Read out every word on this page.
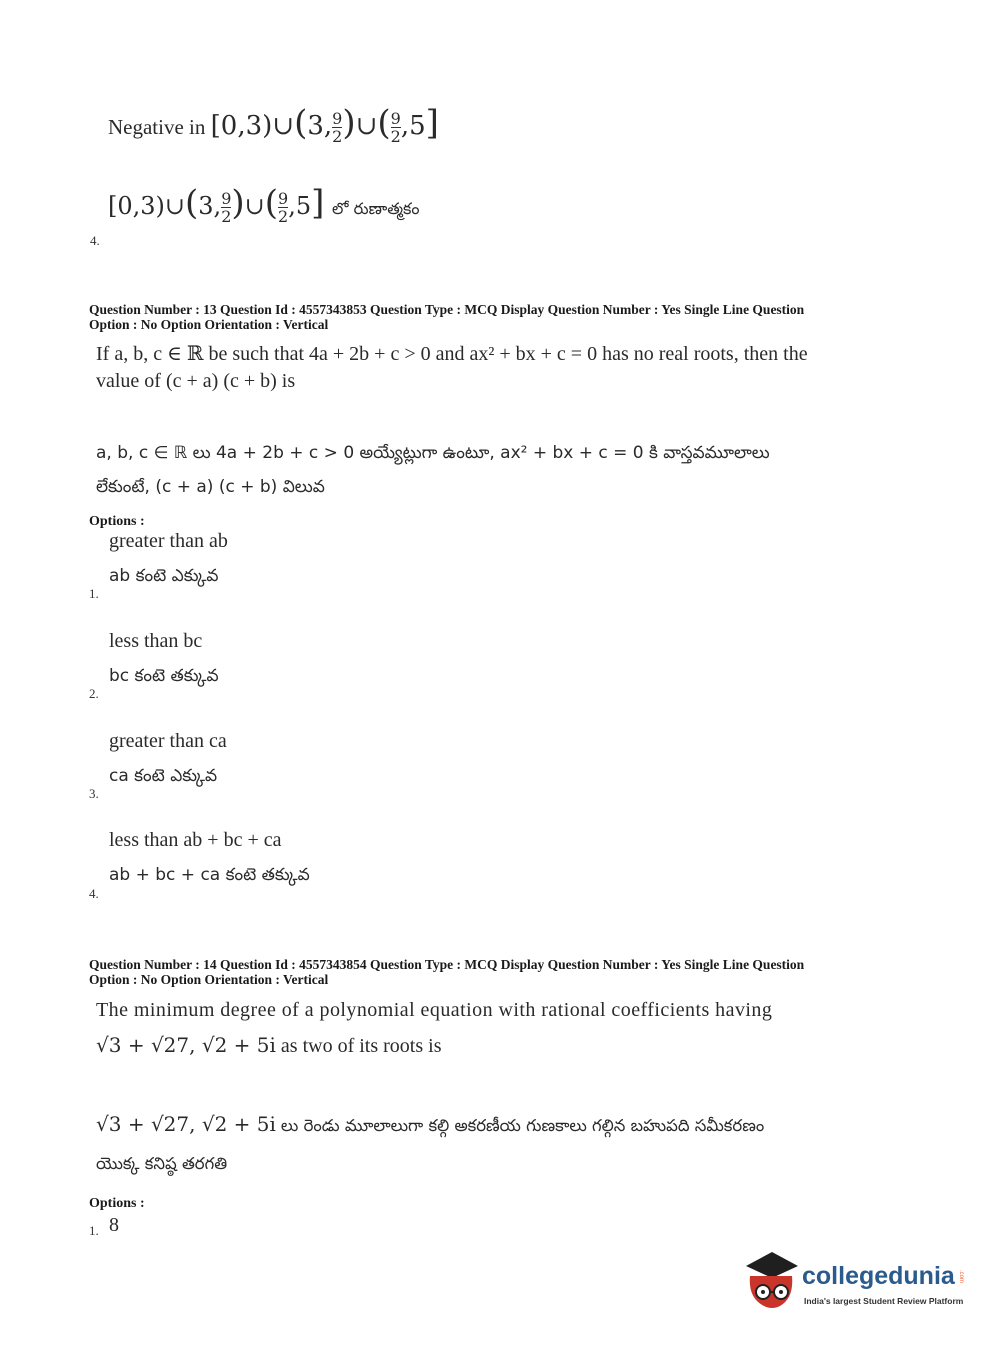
Negative in [0,3)∪(3, $\frac{9}{2}$ )∪( $\frac{9}{2} ,5$]
[0,3)∪(3, $\frac{9}{2}$ )∪( $\frac{9}{2} ,5$] లో రుణాత్మకం
4.
Question Number : 13 Question Id : 4557343853 Question Type : MCQ Display Question Number : Yes Single Line Question
Option : No Option Orientation : Vertical
If a, b, c ∈ ℝ be such that 4a + 2b + c > 0 and ax² + bx + c = 0 has no real roots, then the
value of (c + a) (c + b) is
a, b, c ∈ ℝ లు 4a + 2b + c > 0 అయ్యేట్లుగా ఉంటూ, ax² + bx + c = 0 కి వాస్తవమూలాలు
లేకుంటే, (c + a) (c + b) విలువ
Options :
greater than ab
ab కంటె ఎక్కువ
1.
less than bc
bc కంటె తక్కువ
2.
greater than ca
ca కంటె ఎక్కువ
3.
less than ab + bc + ca
ab + bc + ca కంటె తక్కువ
4.
Question Number : 14 Question Id : 4557343854 Question Type : MCQ Display Question Number : Yes Single Line Question
Option : No Option Orientation : Vertical
The minimum degree of a polynomial equation with rational coefficients having
√3 + √27, √2 + 5i as two of its roots is
√3 + √27, √2 + 5i లు రెండు మూలాలుగా కల్గి అకరణీయ గుణకాలు గల్గిన బహుపది సమీకరణం
యొక్క కనిష్ఠ తరగతి
Options :
1. 8
collegedunia .com
India's largest Student Review Platform
